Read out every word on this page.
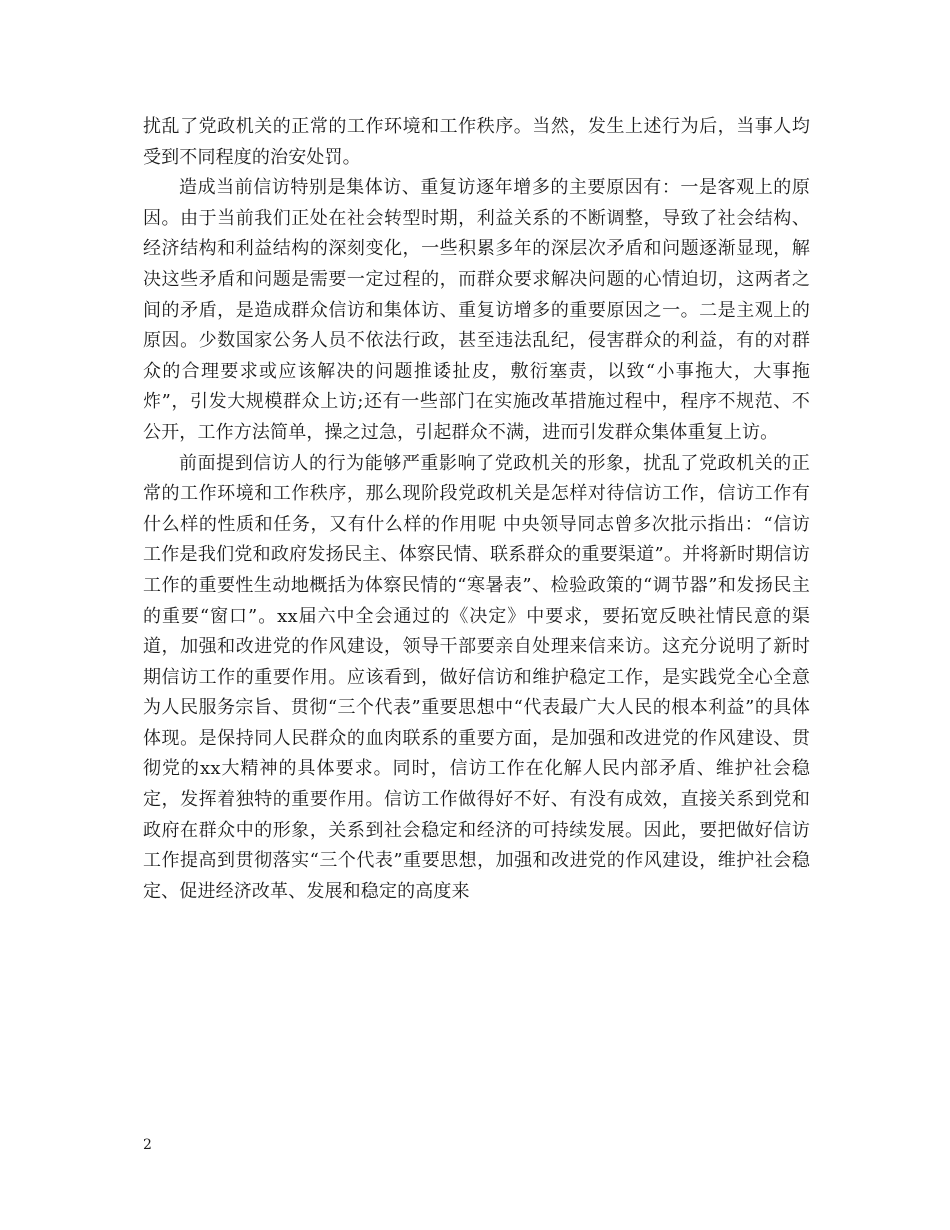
扰乱了党政机关的正常的工作环境和工作秩序。当然，发生上述行为后，当事人均受到不同程度的治安处罚。

造成当前信访特别是集体访、重复访逐年增多的主要原因有：一是客观上的原因。由于当前我们正处在社会转型时期，利益关系的不断调整，导致了社会结构、经济结构和利益结构的深刻变化，一些积累多年的深层次矛盾和问题逐渐显现，解决这些矛盾和问题是需要一定过程的，而群众要求解决问题的心情迫切，这两者之间的矛盾，是造成群众信访和集体访、重复访增多的重要原因之一。二是主观上的原因。少数国家公务人员不依法行政，甚至违法乱纪，侵害群众的利益，有的对群众的合理要求或应该解决的问题推诿扯皮，敷衍塞责，以致“小事拖大，大事拖炸”，引发大规模群众上访;还有一些部门在实施改革措施过程中，程序不规范、不公开，工作方法简单，操之过急，引起群众不满，进而引发群众集体重复上访。

前面提到信访人的行为能够严重影响了党政机关的形象，扰乱了党政机关的正常的工作环境和工作秩序，那么现阶段党政机关是怎样对待信访工作，信访工作有什么样的性质和任务，又有什么样的作用呢 中央领导同志曾多次批示指出：“信访工作是我们党和政府发扬民主、体察民情、联系群众的重要渠道”。并将新时期信访工作的重要性生动地概括为体察民情的“寒暑表”、检验政策的“调节器”和发扬民主的重要“窗口”。xx届六中全会通过的《决定》中要求，要拓宽反映社情民意的渠道，加强和改进党的作风建设，领导干部要亲自处理来信来访。这充分说明了新时期信访工作的重要作用。应该看到，做好信访和维护稳定工作，是实践党全心全意为人民服务宗旨、贯彻“三个代表”重要思想中“代表最广大人民的根本利益”的具体体现。是保持同人民群众的血肉联系的重要方面，是加强和改进党的作风建设、贯彻党的xx大精神的具体要求。同时，信访工作在化解人民内部矛盾、维护社会稳定，发挥着独特的重要作用。信访工作做得好不好、有没有成效，直接关系到党和政府在群众中的形象，关系到社会稳定和经济的可持续发展。因此，要把做好信访工作提高到贯彻落实“三个代表”重要思想，加强和改进党的作风建设，维护社会稳定、促进经济改革、发展和稳定的高度来

2
